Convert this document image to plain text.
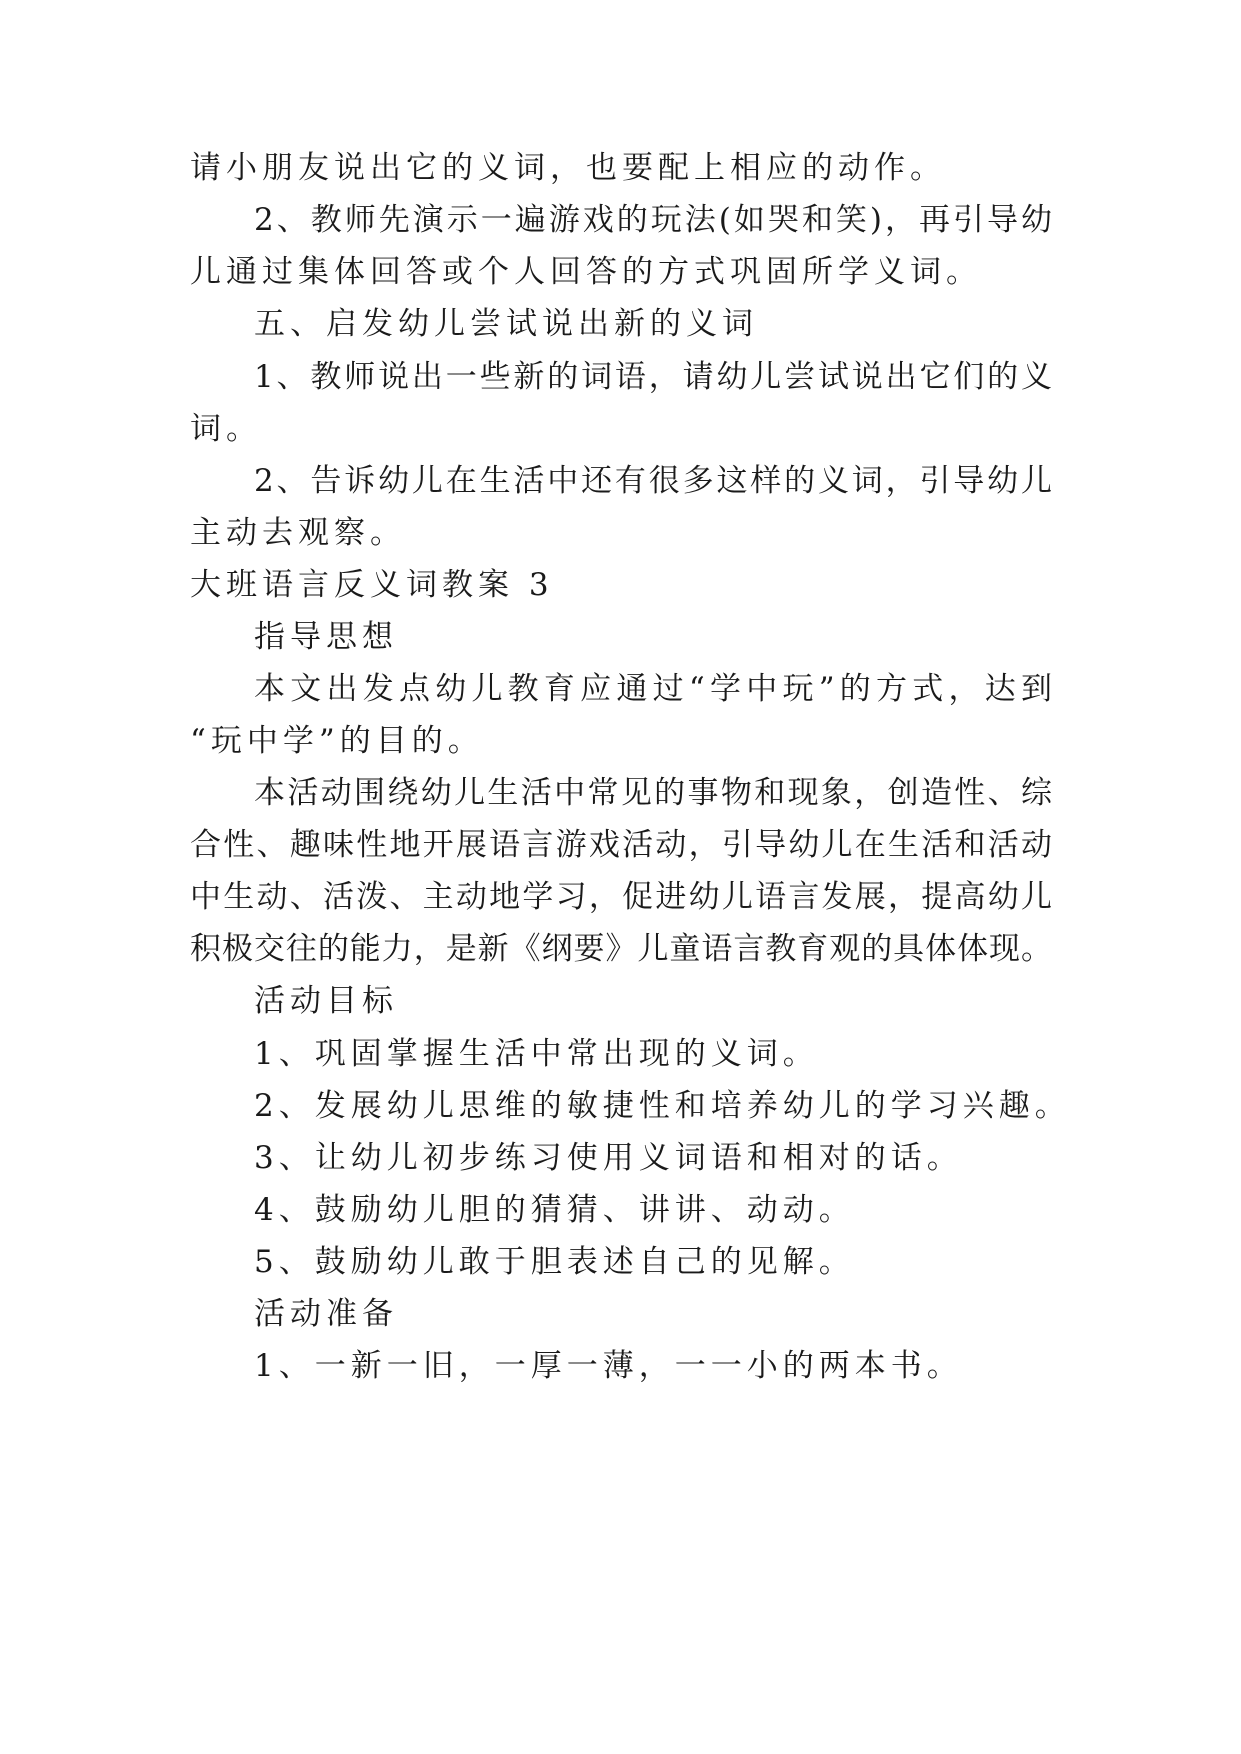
请小朋友说出它的义词，也要配上相应的动作。
2、教师先演示一遍游戏的玩法(如哭和笑)，再引导幼
儿通过集体回答或个人回答的方式巩固所学义词。
五、启发幼儿尝试说出新的义词
1、教师说出一些新的词语，请幼儿尝试说出它们的义
词。
2、告诉幼儿在生活中还有很多这样的义词，引导幼儿
主动去观察。
大班语言反义词教案 3
指导思想
本文出发点幼儿教育应通过“学中玩”的方式，达到
“玩中学”的目的。
本活动围绕幼儿生活中常见的事物和现象，创造性、综
合性、趣味性地开展语言游戏活动，引导幼儿在生活和活动
中生动、活泼、主动地学习，促进幼儿语言发展，提高幼儿
积极交往的能力，是新《纲要》儿童语言教育观的具体体现。
活动目标
1、巩固掌握生活中常出现的义词。
2、发展幼儿思维的敏捷性和培养幼儿的学习兴趣。
3、让幼儿初步练习使用义词语和相对的话。
4、鼓励幼儿胆的猜猜、讲讲、动动。
5、鼓励幼儿敢于胆表述自己的见解。
活动准备
1、一新一旧，一厚一薄，一一小的两本书。
